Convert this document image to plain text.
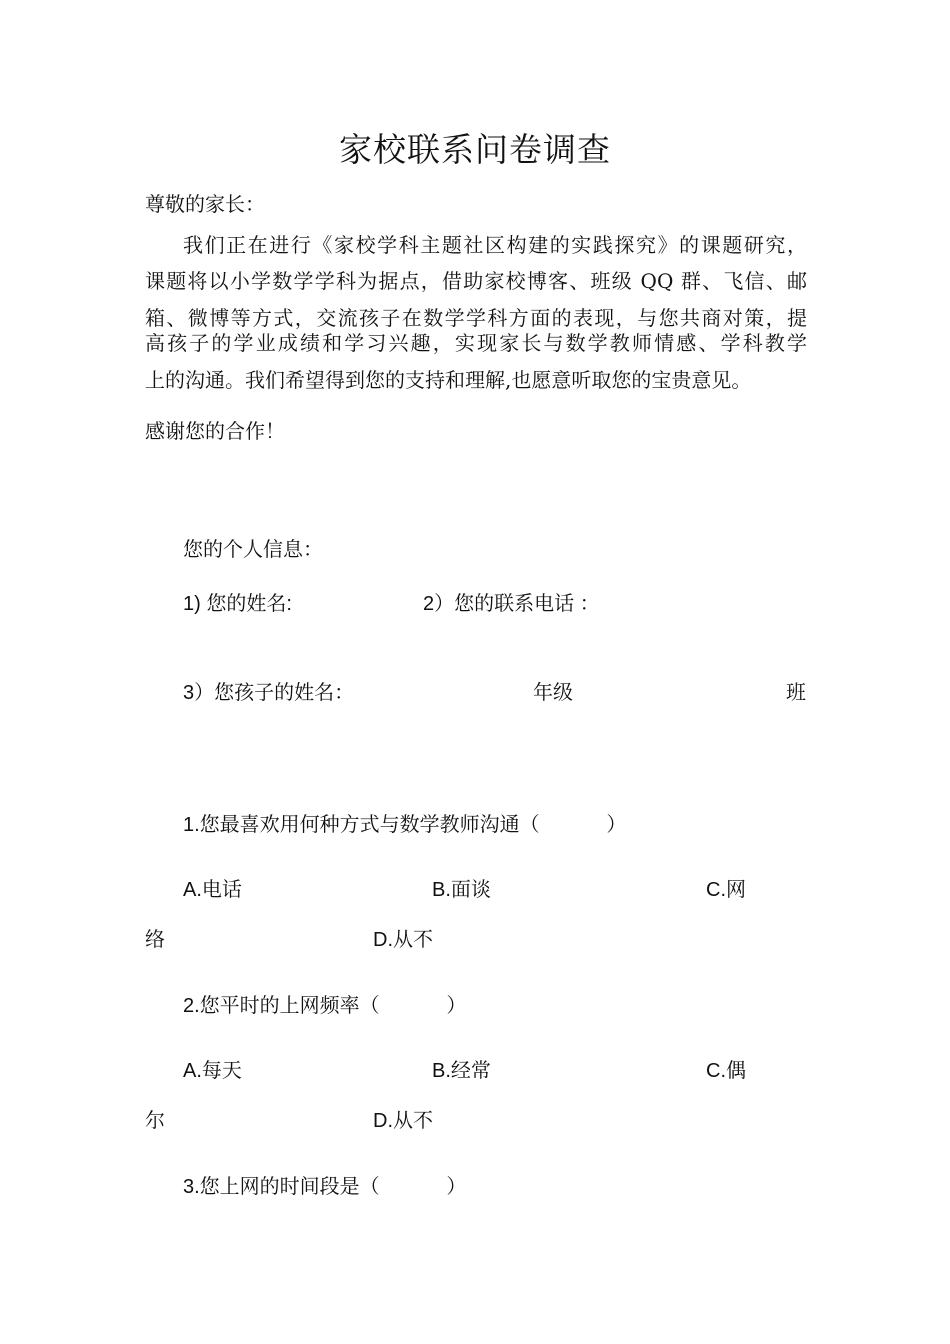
家校联系问卷调查
尊敬的家长：
我们正在进行《家校学科主题社区构建的实践探究》的课题研究，
课题将以小学数学学科为据点，借助家校博客、班级 QQ 群、飞信、邮
箱、微博等方式，交流孩子在数学学科方面的表现，与您共商对策，提
高孩子的学业成绩和学习兴趣，实现家长与数学教师情感、学科教学
上的沟通。我们希望得到您的支持和理解,也愿意听取您的宝贵意见。
感谢您的合作！
您的个人信息：
1) 您的姓名:	2）您的联系电话 ：
3）您孩子的姓名：	年级	班
1.您最喜欢用何种方式与数学教师沟通（            ）
A.电话	B.面谈	C.网
络	D.从不
2.您平时的上网频率（            ）
A.每天	B.经常	C.偶
尔	D.从不
3.您上网的时间段是（            ）
